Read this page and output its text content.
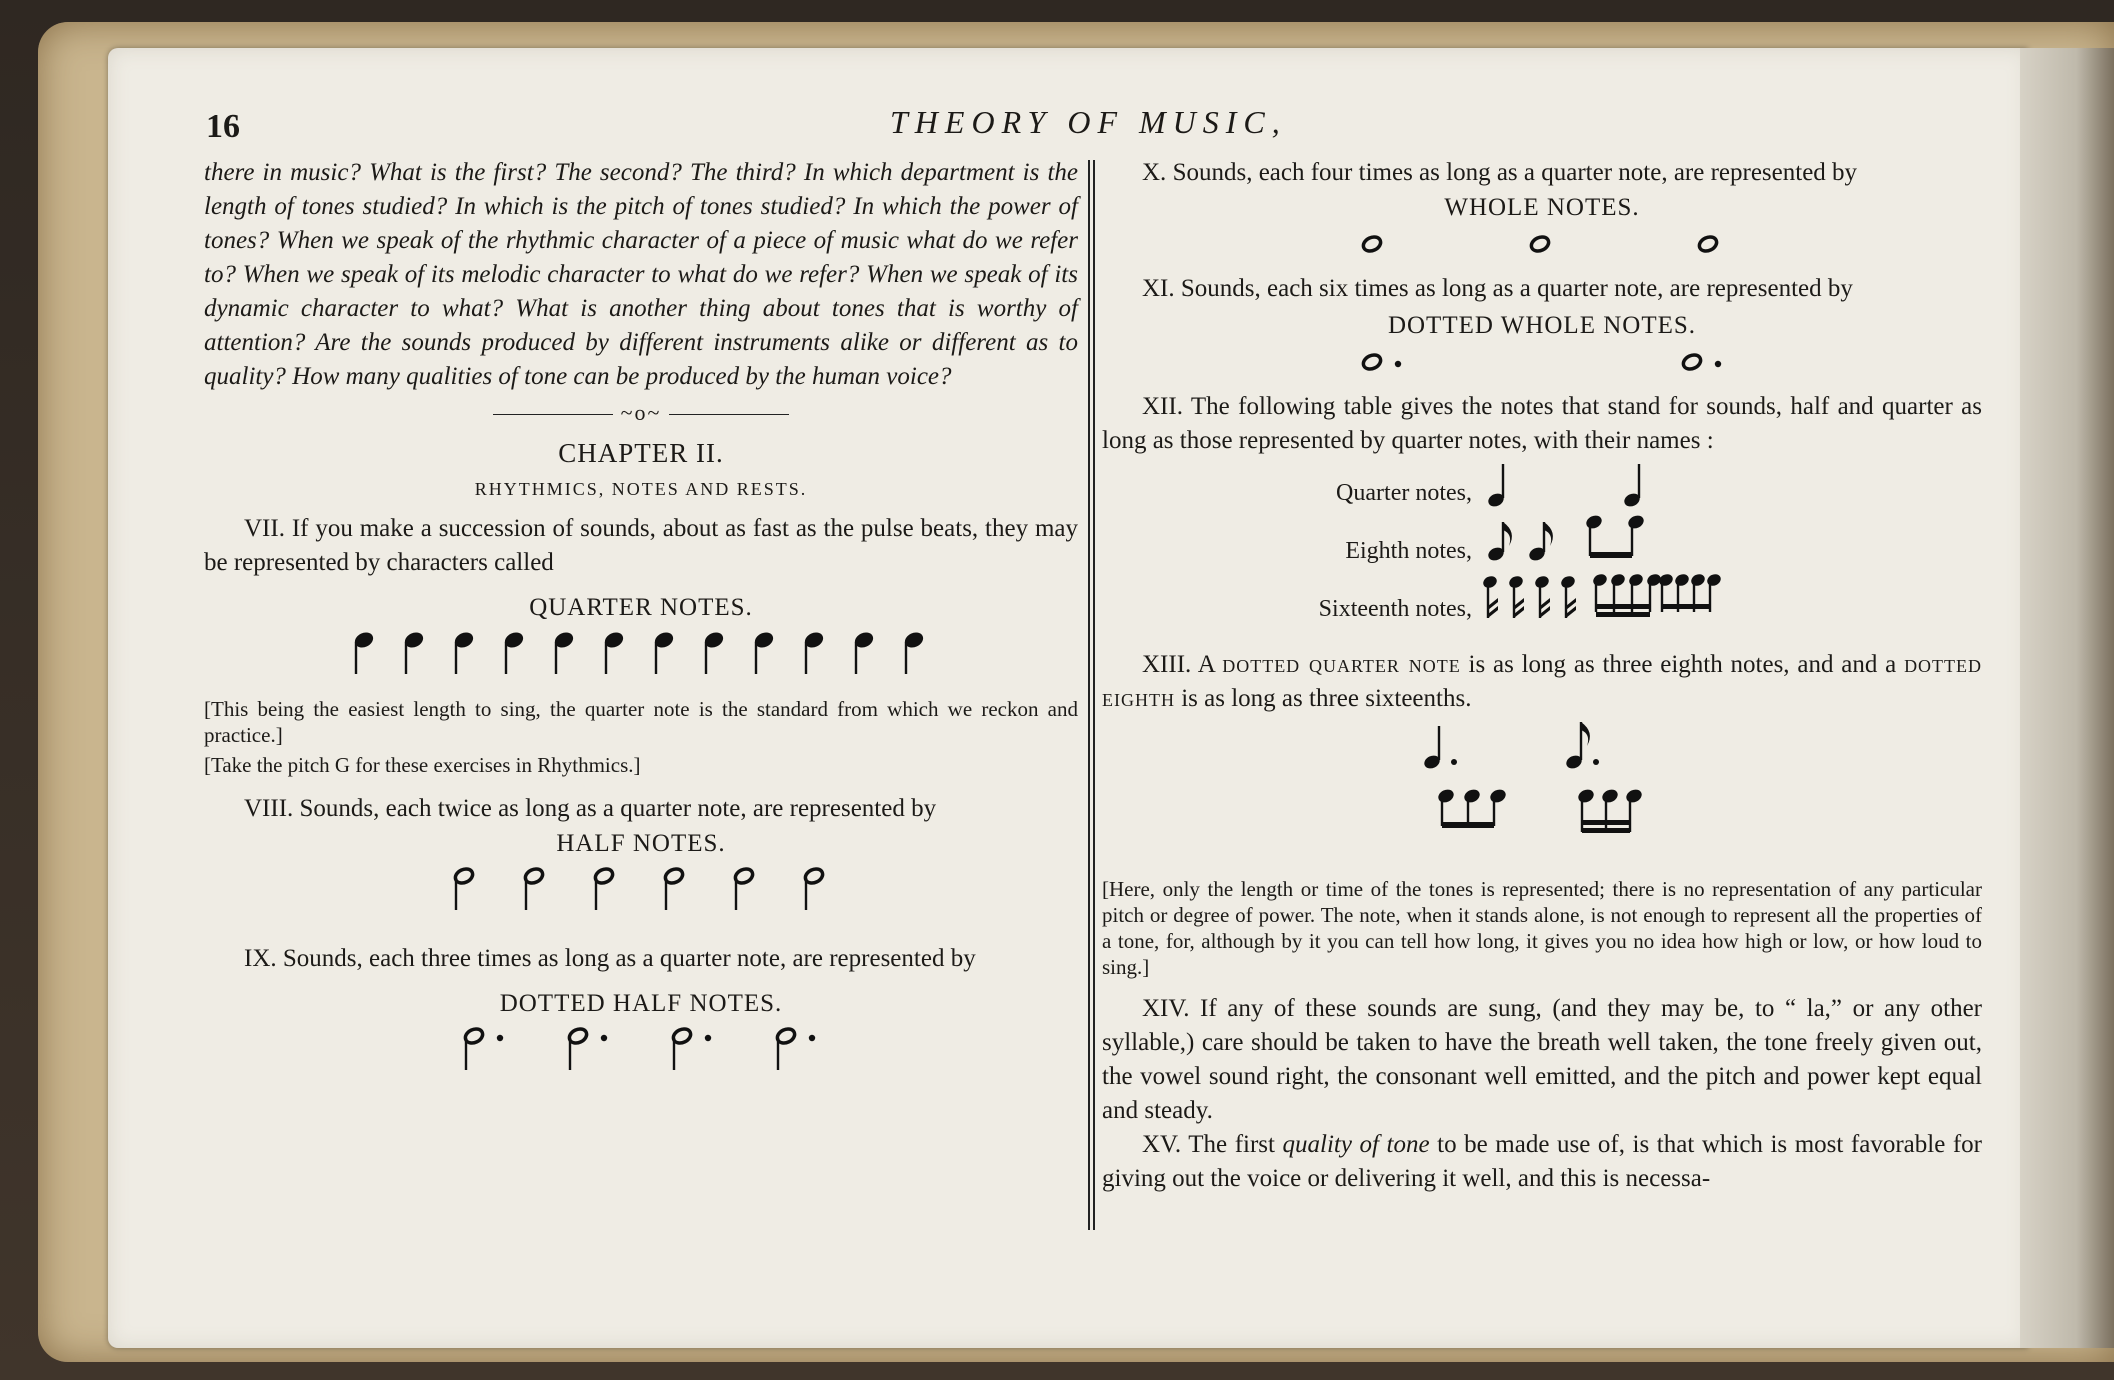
16	THEORY OF MUSIC,

there in music? What is the first? The second? The third? In which department is the length of tones studied? In which is the pitch of tones studied? In which the power of tones? When we speak of the rhythmic character of a piece of music what do we refer to? When we speak of its melodic character to what do we refer? When we speak of its dynamic character to what? What is another thing about tones that is worthy of attention? Are the sounds produced by different instruments alike or different as to quality? How many qualities of tone can be produced by the human voice?

~o~
CHAPTER II.
RHYTHMICS, NOTES AND RESTS.

VII. If you make a succession of sounds, about as fast as the pulse beats, they may be represented by characters called

QUARTER NOTES.

[This being the easiest length to sing, the quarter note is the standard from which we reckon and practice.]

[Take the pitch G for these exercises in Rhythmics.]

VIII. Sounds, each twice as long as a quarter note, are represented by

HALF NOTES.

IX. Sounds, each three times as long as a quarter note, are represented by

DOTTED HALF NOTES.

X. Sounds, each four times as long as a quarter note, are represented by

WHOLE NOTES.

XI. Sounds, each six times as long as a quarter note, are represented by

DOTTED WHOLE NOTES.

XII. The following table gives the notes that stand for sounds, half and quarter as long as those represented by quarter notes, with their names :

Quarter notes,
Eighth notes,
Sixteenth notes,

XIII. A dotted quarter note is as long as three eighth notes, and and a dotted eighth is as long as three sixteenths.

[Here, only the length or time of the tones is represented; there is no representation of any particular pitch or degree of power. The note, when it stands alone, is not enough to represent all the properties of a tone, for, although by it you can tell how long, it gives you no idea how high or low, or how loud to sing.]

XIV. If any of these sounds are sung, (and they may be, to “ la,” or any other syllable,) care should be taken to have the breath well taken, the tone freely given out, the vowel sound right, the consonant well emitted, and the pitch and power kept equal and steady.

XV. The first quality of tone to be made use of, is that which is most favorable for giving out the voice or delivering it well, and this is necessa-
